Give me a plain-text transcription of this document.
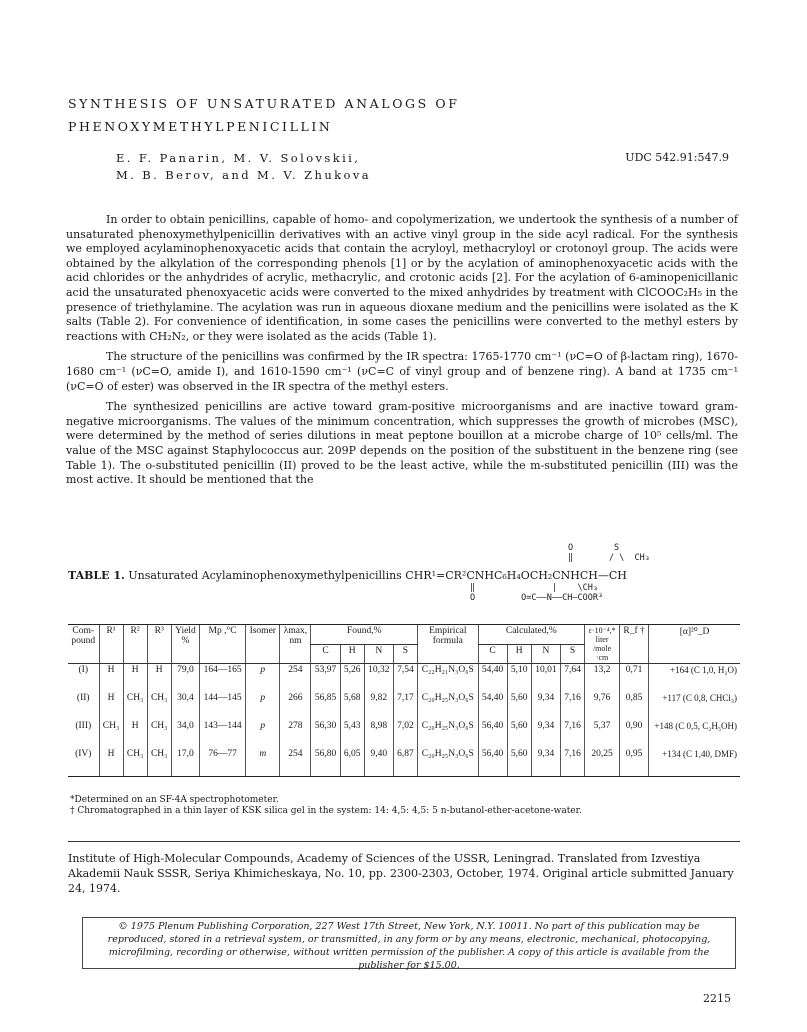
SYNTHESIS OF UNSATURATED ANALOGS OF
PHENOXYMETHYLPENICILLIN
E. F. Panarin, M. V. Solovskii,
M. B. Berov, and M. V. Zhukova
UDC 542.91:547.9

In order to obtain penicillins, capable of homo- and copolymerization, we undertook the synthesis of a number of unsaturated phenoxymethylpenicillin derivatives with an active vinyl group in the side acyl radical. For the synthesis we employed acylaminophenoxyacetic acids that contain the acryloyl, methacryloyl or crotonoyl group. The acids were obtained by the alkylation of the corresponding phenols [1] or by the acylation of aminophenoxyacetic acids with the acid chlorides or the anhydrides of acrylic, methacrylic, and crotonic acids [2]. For the acylation of 6-aminopenicillanic acid the unsaturated phenoxyacetic acids were converted to the mixed anhydrides by treatment with ClCOOC₂H₅ in the presence of triethylamine. The acylation was run in aqueous dioxane medium and the penicillins were isolated as the K salts (Table 2). For convenience of identification, in some cases the penicillins were converted to the methyl esters by reactions with CH₂N₂, or they were isolated as the acids (Table 1).

The structure of the penicillins was confirmed by the IR spectra: 1765-1770 cm⁻¹ (νC=O of β-lactam ring), 1670-1680 cm⁻¹ (νC=O, amide I), and 1610-1590 cm⁻¹ (νC=C of vinyl group and of benzene ring). A band at 1735 cm⁻¹ (νC=O of ester) was observed in the IR spectra of the methyl esters.

The synthesized penicillins are active toward gram-positive microorganisms and are inactive toward gram-negative microorganisms. The values of the minimum concentration, which suppresses the growth of microbes (MSC), were determined by the method of series dilutions in meat peptone bouillon at a microbe charge of 10⁵ cells/ml. The value of the MSC against Staphylococcus aur. 209P depends on the position of the substituent in the benzene ring (see Table 1). The o-substituted penicillin (II) proved to be the least active, while the m-substituted penicillin (III) was the most active. It should be mentioned that the

O        S
‖       / \  CH₃
‖               |    \CH₃
O         O=C——N——CH—COOR³
TABLE 1. Unsaturated Acylaminophenoxymethylpenicillins CHR¹=CR²CNHC₆H₄OCH₂CNHCH—CH
Com-
pound	R¹	R²	R³	Yield
%	Mp ,°C	Isomer	λmax,
nm	Found,%				Empirical
formula	Calculated,%				ε·10⁻⁴,*
liter
/mole
·cm	R_f †	[α]²⁰_D
								C	H	N	S		C	H	N	S			
(I)	H	H	H	79,0	164—165	p	254	53,97	5,26	10,32	7,54	C₂₂H₂₁N₃O₆S	54,40	5,10	10,01	7,64	13,2	0,71	+164 (C 1,0, H₂O)
(II)	H	CH₃	CH₃	30,4	144—145	p	266	56,85	5,68	9,82	7,17	C₂₀H₂₅N₃O₆S	54,40	5,60	9,34	7,16	9,76	0,85	+117 (C 0,8, CHCl₃)
(III)	CH₃	H	CH₃	34,0	143—144	p	278	56,30	5,43	8,98	7,02	C₂₀H₂₅N₃O₆S	56,40	5,60	9,34	7,16	5,37	0,90	+148 (C 0,5, C₂H₅OH)
(IV)	H	CH₃	CH₃	17,0	76—77	m	254	56,80	6,05	9,40	6,87	C₂₀H₂₅N₃O₆S	56,40	5,60	9,34	7,16	20,25	0,95	+134 (C 1,40, DMF)
*Determined on an SF-4A spectrophotometer.
† Chromatographed in a thin layer of KSK silica gel in the system: 14: 4,5: 4,5: 5 n-butanol-ether-acetone-water.
Institute of High-Molecular Compounds, Academy of Sciences of the USSR, Leningrad. Translated from Izvestiya Akademii Nauk SSSR, Seriya Khimicheskaya, No. 10, pp. 2300-2303, October, 1974. Original article submitted January 24, 1974.
© 1975 Plenum Publishing Corporation, 227 West 17th Street, New York, N.Y. 10011. No part of this publication may be reproduced, stored in a retrieval system, or transmitted, in any form or by any means, electronic, mechanical, photocopying, microfilming, recording or otherwise, without written permission of the publisher. A copy of this article is available from the publisher for $15.00.
2215
